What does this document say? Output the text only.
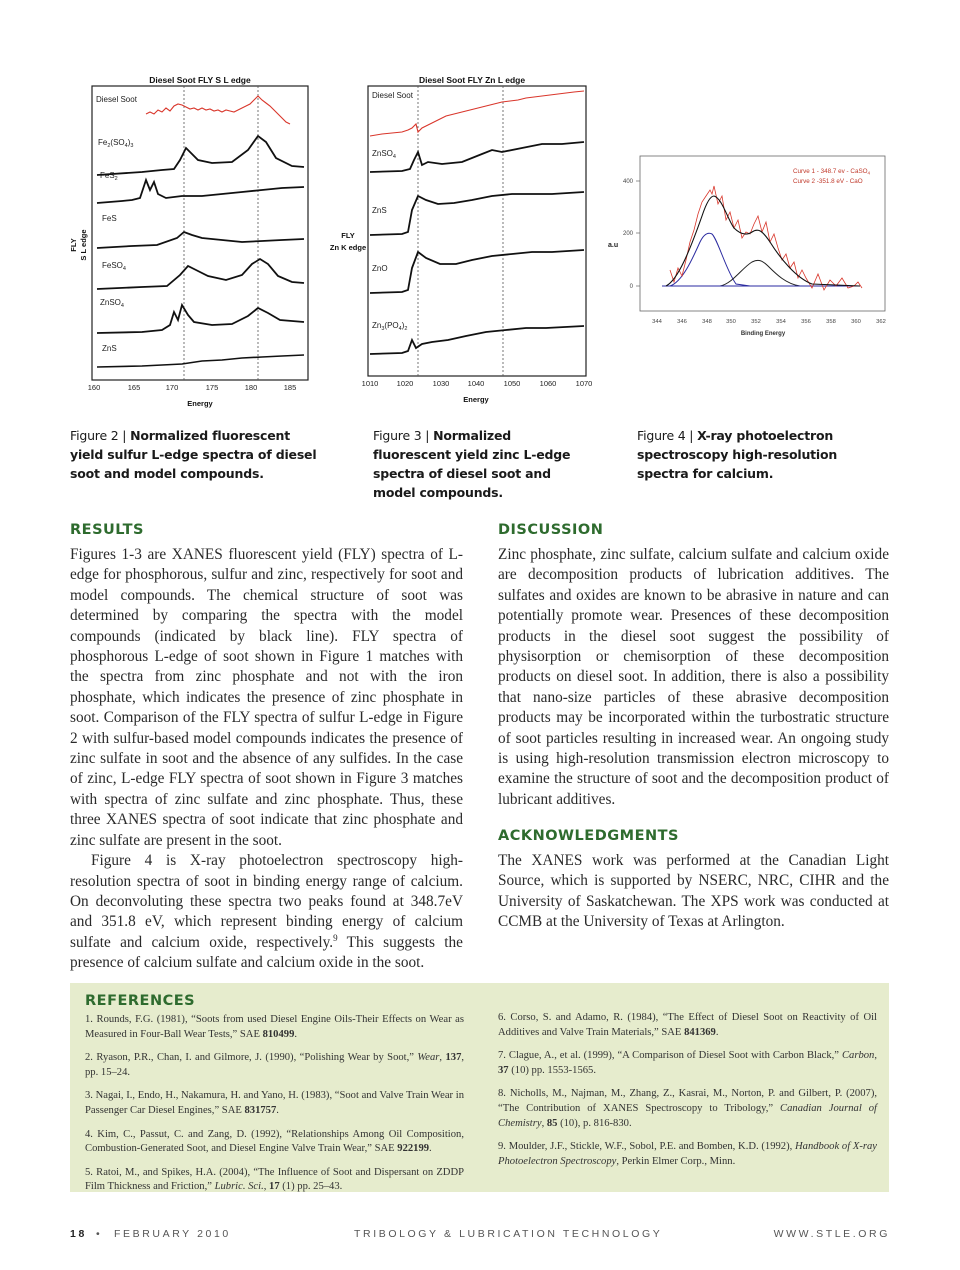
Diesel Soot FLY S L edge
FLY S L edge
Diesel Soot
$Fe_2(SO_4)_3$
FeS$_2$
FeS
FeSO$_4$
ZnSO$_4$
ZnS
160	165	170	175	180	185
Energy
Diesel Soot FLY Zn L edge
FLY
Zn K edge
Diesel Soot
ZnSO$_4$
ZnS
ZnO
$Zn_3(PO_4)_2$
1010 1020	1030 1040	1050	1060	1070
Energy
0
200
400
a.u
Curve 1 - 348.7 ev - CaSO$_4$
Curve 2 -351.8 eV - CaO
344	346	348 350	352	354	356	358	360	362
Binding Energy
Figure 2 | Normalized fluorescent yield sulfur L-edge spectra of diesel soot and model compounds.
Figure 3 | Normalized fluorescent yield zinc L-edge spectra of diesel soot and model compounds.
Figure 4 | X-ray photoelectron spectroscopy high-resolution spectra for calcium.
RESULTS

Figures 1-3 are XANES fluorescent yield (FLY) spectra of L-edge for phosphorous, sulfur and zinc, respectively for soot and model compounds. The chemical structure of soot was determined by comparing the spectra with the model compounds (indicated by black line). FLY spectra of phosphorous L-edge of soot shown in Figure 1 matches with the spectra from zinc phosphate and not with the iron phosphate, which indicates the presence of zinc phosphate in soot. Comparison of the FLY spectra of sulfur L-edge in Figure 2 with sulfur-based model compounds indicates the presence of zinc sulfate in soot and the absence of any sulfides. In the case of zinc, L-edge FLY spectra of soot shown in Figure 3 matches with spectra of zinc sulfate and zinc phosphate. Thus, these three XANES spectra of soot indicate that zinc phosphate and zinc sulfate are present in the soot.

Figure 4 is X-ray photoelectron spectroscopy high-resolution spectra of soot in binding energy range of calcium. On deconvoluting these spectra two peaks found at 348.7eV and 351.8 eV, which represent binding energy of calcium sulfate and calcium oxide, respectively.$^9$ This suggests the presence of calcium sulfate and calcium oxide in the soot.

DISCUSSION

Zinc phosphate, zinc sulfate, calcium sulfate and calcium oxide are decomposition products of lubrication additives. The sulfates and oxides are known to be abrasive in nature and can potentially promote wear. Presences of these decomposition products in the diesel soot suggest the possibility of physisorption or chemisorption of these decomposition products on diesel soot. In addition, there is also a possibility that nano-size particles of these abrasive decomposition products may be incorporated within the turbostratic structure of soot particles resulting in increased wear. An ongoing study is using high-resolution transmission electron microscopy to examine the structure of soot and the decomposition product of lubricant additives.

ACKNOWLEDGMENTS

The XANES work was performed at the Canadian Light Source, which is supported by NSERC, NRC, CIHR and the University of Saskatchewan. The XPS work was conducted at CCMB at the University of Texas at Arlington.

REFERENCES

1. Rounds, F.G. (1981), “Soots from used Diesel Engine Oils-Their Effects on Wear as Measured in Four-Ball Wear Tests,” SAE 810499.

2. Ryason, P.R., Chan, I. and Gilmore, J. (1990), “Polishing Wear by Soot,” Wear, 137, pp. 15–24.

3. Nagai, I., Endo, H., Nakamura, H. and Yano, H. (1983), “Soot and Valve Train Wear in Passenger Car Diesel Engines,” SAE 831757.

4. Kim, C., Passut, C. and Zang, D. (1992), “Relationships Among Oil Composition, Combustion-Generated Soot, and Diesel Engine Valve Train Wear,” SAE 922199.

5. Ratoi, M., and Spikes, H.A. (2004), “The Influence of Soot and Dispersant on ZDDP Film Thickness and Friction,” Lubric. Sci., 17 (1) pp. 25–43.

6. Corso, S. and Adamo, R. (1984), “The Effect of Diesel Soot on Reactivity of Oil Additives and Valve Train Materials,” SAE 841369.

7. Clague, A., et al. (1999), “A Comparison of Diesel Soot with Carbon Black,” Carbon, 37 (10) pp. 1553-1565.

8. Nicholls, M., Najman, M., Zhang, Z., Kasrai, M., Norton, P. and Gilbert, P. (2007), “The Contribution of XANES Spectroscopy to Tribology,” Canadian Journal of Chemistry, 85 (10), p. 816-830.

9. Moulder, J.F., Stickle, W.F., Sobol, P.E. and Bomben, K.D. (1992), Handbook of X-ray Photoelectron Spectroscopy, Perkin Elmer Corp., Minn.

18 • FEBRUARY 2010	TRIBOLOGY & LUBRICATION TECHNOLOGY	WWW.STLE.ORG
